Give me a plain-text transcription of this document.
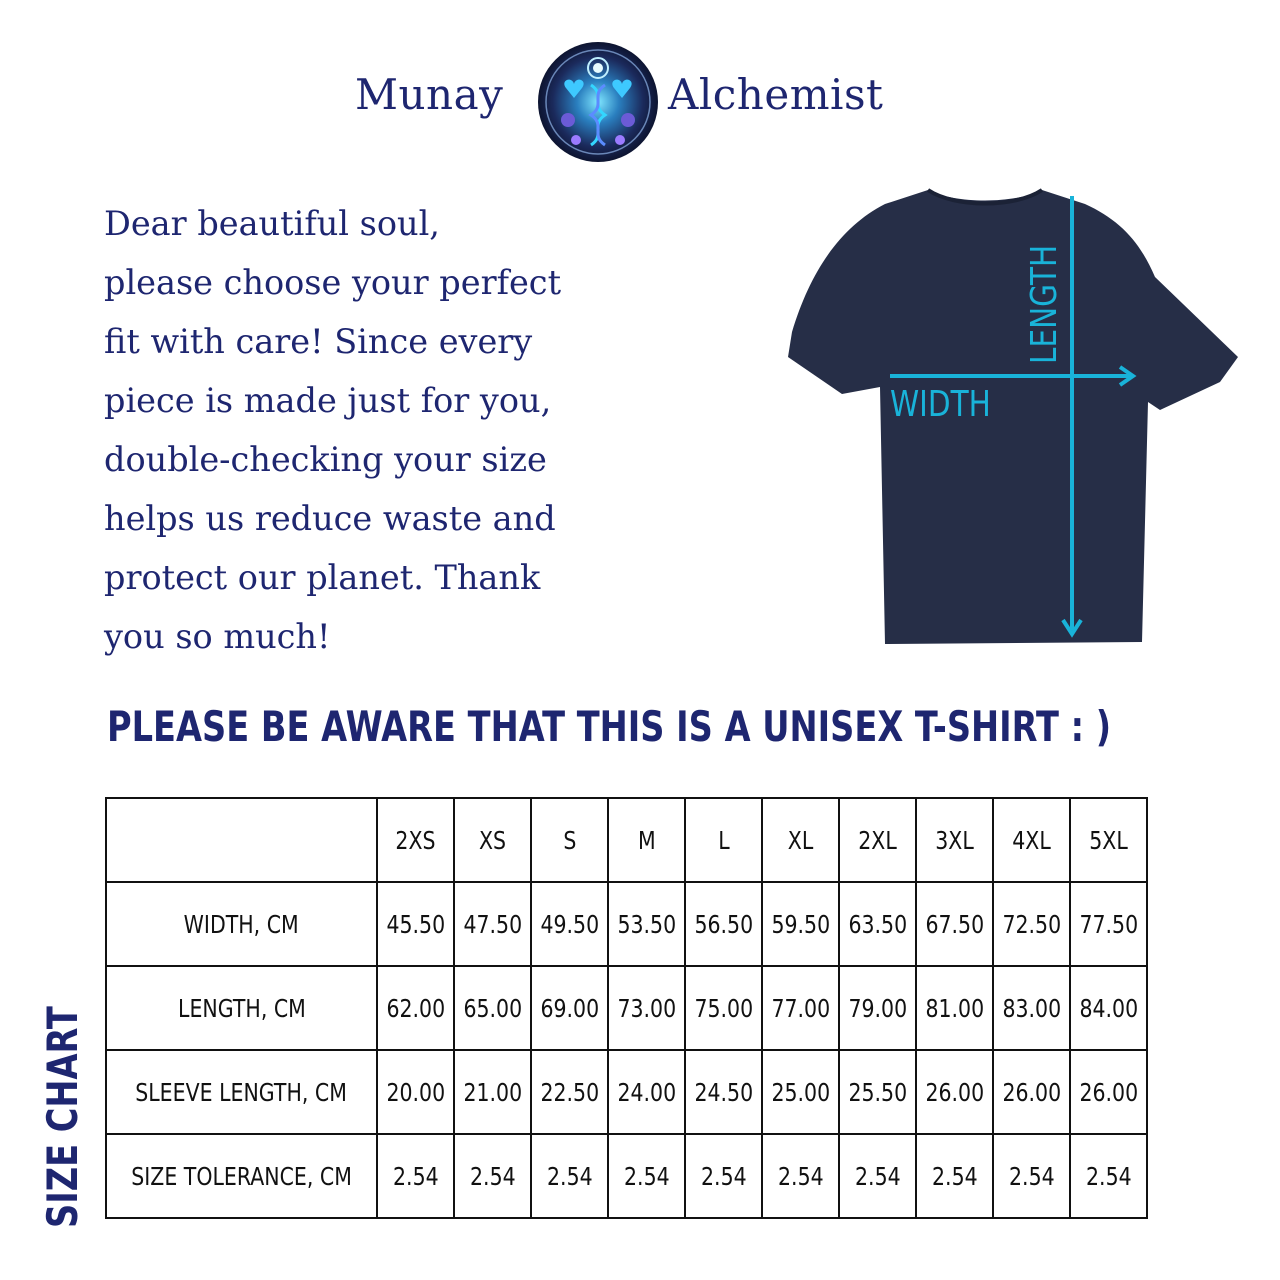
Munay	Alchemist
Dear beautiful soul,
please choose your perfect
fit with care! Since every
piece is made just for you,
double-checking your size
helps us reduce waste and
protect our planet. Thank
you so much!
LENGTH
WIDTH
PLEASE BE AWARE THAT THIS IS A UNISEX T-SHIRT : )
SIZE CHART
	2XS	XS	S	M	L	XL	2XL	3XL	4XL	5XL
WIDTH, CM	45.50	47.50	49.50	53.50	56.50	59.50	63.50	67.50	72.50	77.50
LENGTH, CM	62.00	65.00	69.00	73.00	75.00	77.00	79.00	81.00	83.00	84.00
SLEEVE LENGTH, CM	20.00	21.00	22.50	24.00	24.50	25.00	25.50	26.00	26.00	26.00
SIZE TOLERANCE, CM	2.54	2.54	2.54	2.54	2.54	2.54	2.54	2.54	2.54	2.54
